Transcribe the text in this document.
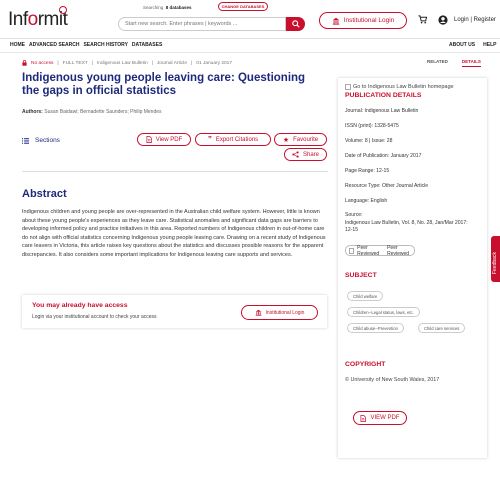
Informit
Searching 8 databases	CHANGE DATABASES
Start new search. Enter phrases | keywords ...
Institutional Login	Login | Register
HOME ADVANCED SEARCH SEARCH HISTORY DATABASES	ABOUT US HELP
No access | FULL TEXT | Indigenous Law Bulletin | Journal Article | 01 January 2017	RELATED	DETAILS
Indigenous young people leaving care: Questioning the gaps in official statistics
Authors: Susan Baidawi; Bernadette Saunders; Philip Mendes
Sections	View PDF	” Export Citations	★ Favourite
Share
Abstract
Indigenous children and young people are over-represented in the Australian child welfare system. However, little is known about these young people's experiences as they leave care. Statistical anomalies and significant data gaps are barriers to developing informed policy and practice initiatives in this area. Reported numbers of Indigenous children in out-of-home care do not align with official statistics concerning Indigenous young people leaving care. Drawing on a recent study of Indigenous care leavers in Victoria, this article raises key questions about the statistics and discusses possible reasons for the apparent discrepancies. It also considers some important implications for Indigenous leaving care supports and services.
You may already have access
Login via your institutional account to check your access
Institutional Login
Go to Indigenous Law Bulletin homepage
PUBLICATION DETAILS
Journal: Indigenous Law Bulletin
ISSN (print): 1328-5475
Volume: 8 | Issue: 28
Date of Publication: January 2017
Page Range: 12-15
Resource Type: Other Journal Article
Language: English
Source:
Indigenous Law Bulletin, Vol. 8, No. 28, Jan/Mar 2017: 12-15
Peer Reviewed
Peer Reviewed
SUBJECT
Child welfare
Children--Legal status, laws, etc.
Child abuse--Prevention	Child care services
COPYRIGHT
© University of New South Wales, 2017
VIEW PDF
Feedback
